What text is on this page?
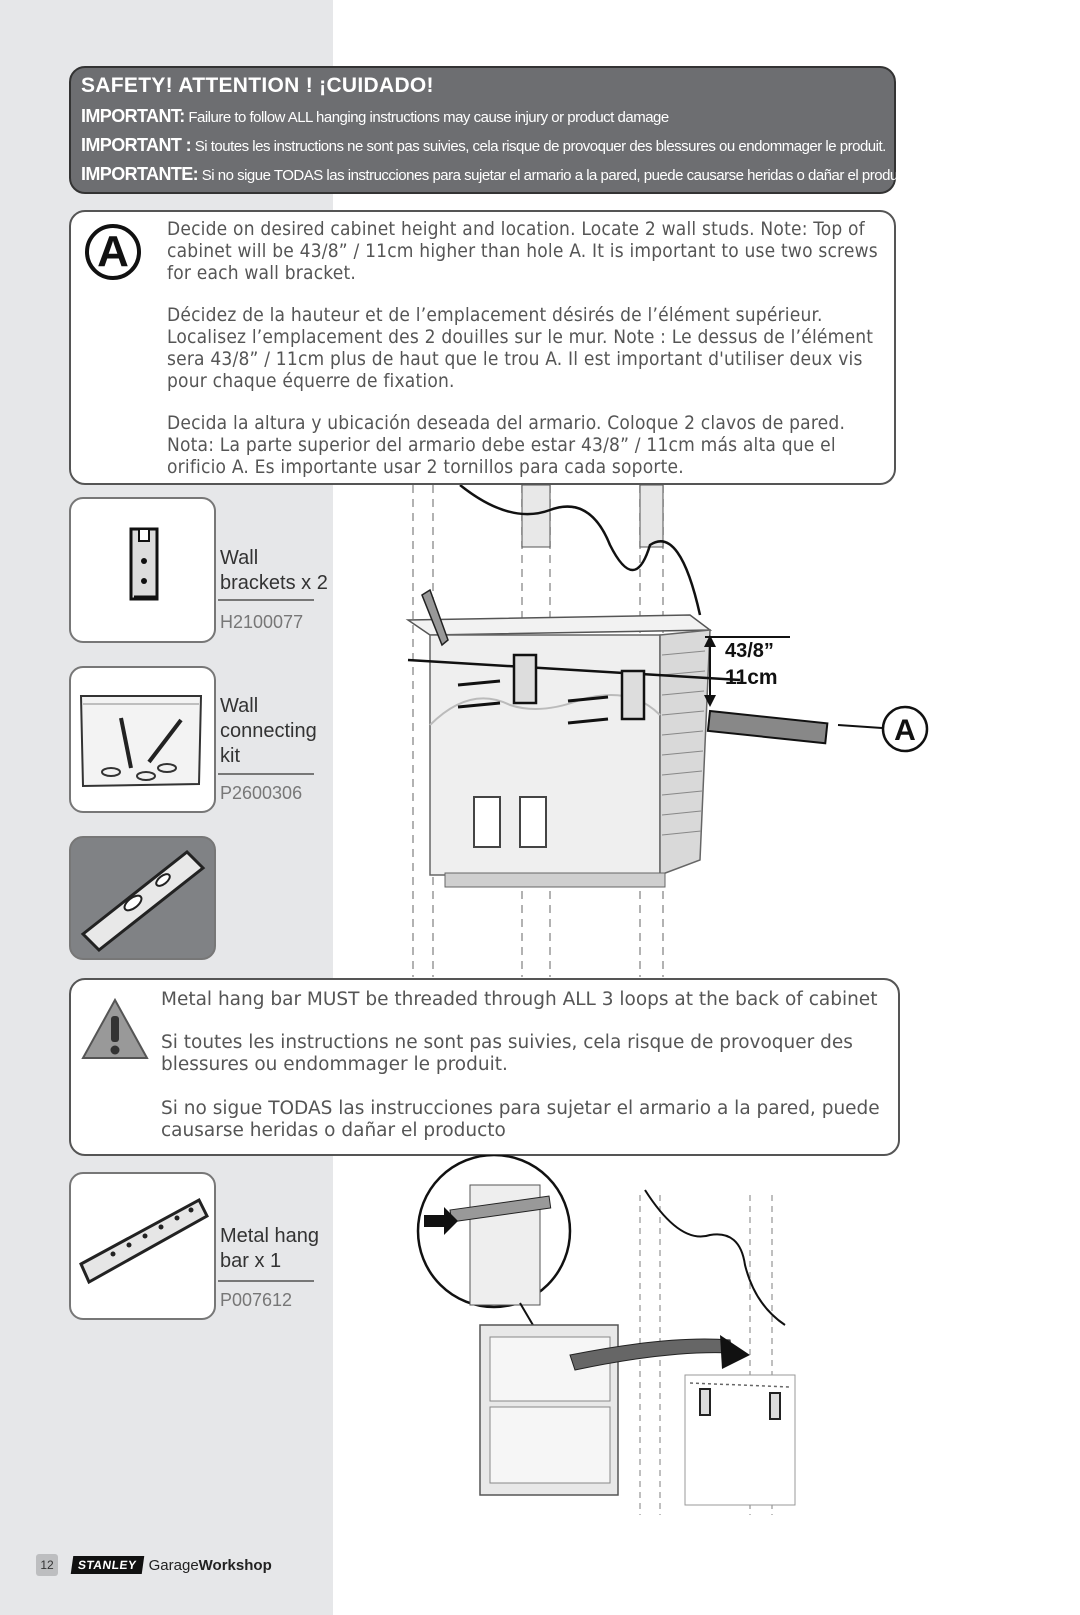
SAFETY! ATTENTION ! ¡CUIDADO!
IMPORTANT: Failure to follow ALL hanging instructions may cause injury or product damage
IMPORTANT : Si toutes les instructions ne sont pas suivies, cela risque de provoquer des blessures ou endommager le produit.
IMPORTANTE: Si no sigue TODAS las instrucciones para sujetar el armario a la pared, puede causarse heridas o dañar el producto
A	Decide on desired cabinet height and location. Locate 2 wall studs. Note: Top of cabinet will be 43/8” / 11cm higher than hole A. It is important to use two screws for each wall bracket.
Décidez de la hauteur et de l’emplacement désirés de l’élément supérieur. Localisez l’emplacement des 2 douilles sur le mur. Note : Le dessus de l’élément sera 43/8” / 11cm plus de haut que le trou A. Il est important d'utiliser deux vis pour chaque équerre de fixation.
Decida la altura y ubicación deseada del armario. Coloque 2 clavos de pared. Nota: La parte superior del armario debe estar 43/8” / 11cm más alta que el orificio A. Es importante usar 2 tornillos para cada soporte.
Wall
brackets x 2
H2100077
Wall
connecting
kit
P2600306
43/8”
11cm
A
Metal hang bar MUST be threaded through ALL 3 loops at the back of cabinet
Si toutes les instructions ne sont pas suivies, cela risque de provoquer des blessures ou endommager le produit.
Si no sigue TODAS las instrucciones para sujetar el armario a la pared, puede causarse heridas o dañar el producto
Metal hang
bar x 1
P007612
12	STANLEY GarageWorkshop
